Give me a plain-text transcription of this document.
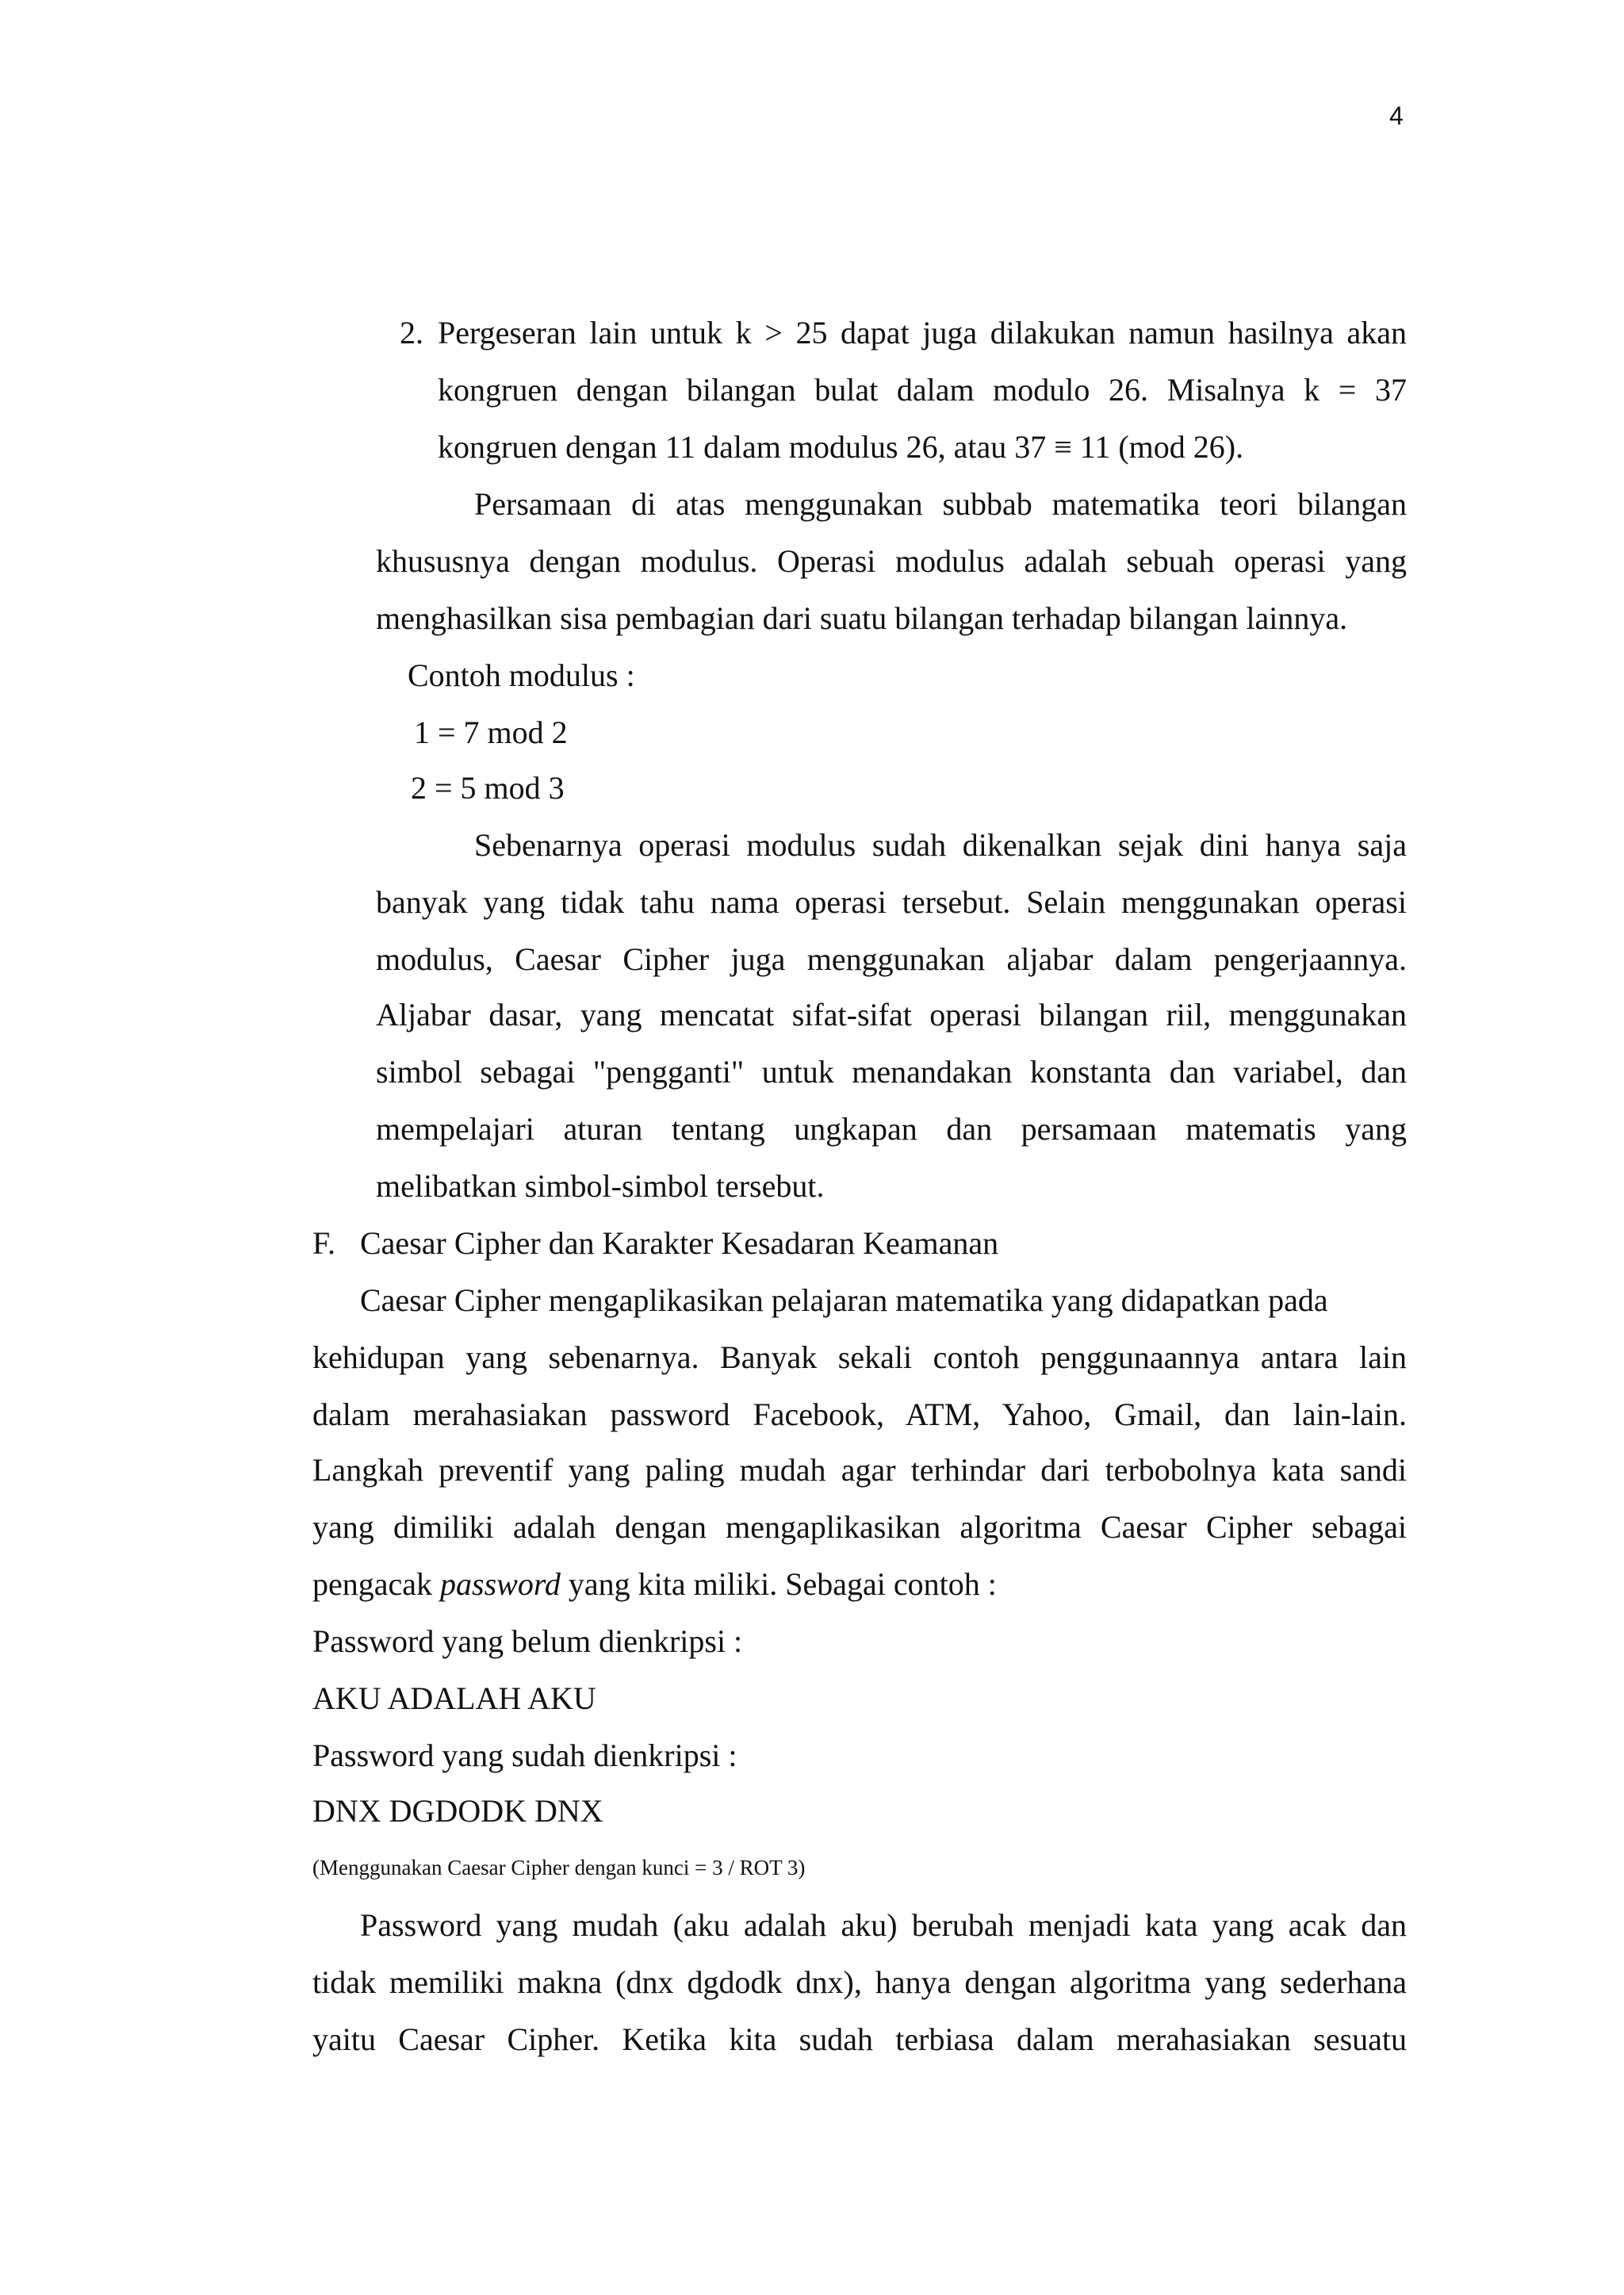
4
2. Pergeseran lain untuk k > 25 dapat juga dilakukan namun hasilnya akan
kongruen dengan bilangan bulat dalam modulo 26. Misalnya k = 37
kongruen dengan 11 dalam modulus 26, atau 37 ≡ 11 (mod 26).
Persamaan di atas menggunakan subbab matematika teori bilangan
khususnya dengan modulus. Operasi modulus adalah sebuah operasi yang
menghasilkan sisa pembagian dari suatu bilangan terhadap bilangan lainnya.
Contoh modulus :
1 = 7 mod 2
2 = 5 mod 3
Sebenarnya operasi modulus sudah dikenalkan sejak dini hanya saja
banyak yang tidak tahu nama operasi tersebut. Selain menggunakan operasi
modulus, Caesar Cipher juga menggunakan aljabar dalam pengerjaannya.
Aljabar dasar, yang mencatat sifat-sifat operasi bilangan riil, menggunakan
simbol sebagai "pengganti" untuk menandakan konstanta dan variabel, dan
mempelajari aturan tentang ungkapan dan persamaan matematis yang
melibatkan simbol-simbol tersebut.
F. Caesar Cipher dan Karakter Kesadaran Keamanan
Caesar Cipher mengaplikasikan pelajaran matematika yang didapatkan pada
kehidupan yang sebenarnya. Banyak sekali contoh penggunaannya antara lain
dalam merahasiakan password Facebook, ATM, Yahoo, Gmail, dan lain-lain.
Langkah preventif yang paling mudah agar terhindar dari terbobolnya kata sandi
yang dimiliki adalah dengan mengaplikasikan algoritma Caesar Cipher sebagai
pengacak password yang kita miliki. Sebagai contoh :
Password yang belum dienkripsi :
AKU ADALAH AKU
Password yang sudah dienkripsi :
DNX DGDODK DNX
(Menggunakan Caesar Cipher dengan kunci = 3 / ROT 3)
Password yang mudah (aku adalah aku) berubah menjadi kata yang acak dan
tidak memiliki makna (dnx dgdodk dnx), hanya dengan algoritma yang sederhana
yaitu Caesar Cipher. Ketika kita sudah terbiasa dalam merahasiakan sesuatu
